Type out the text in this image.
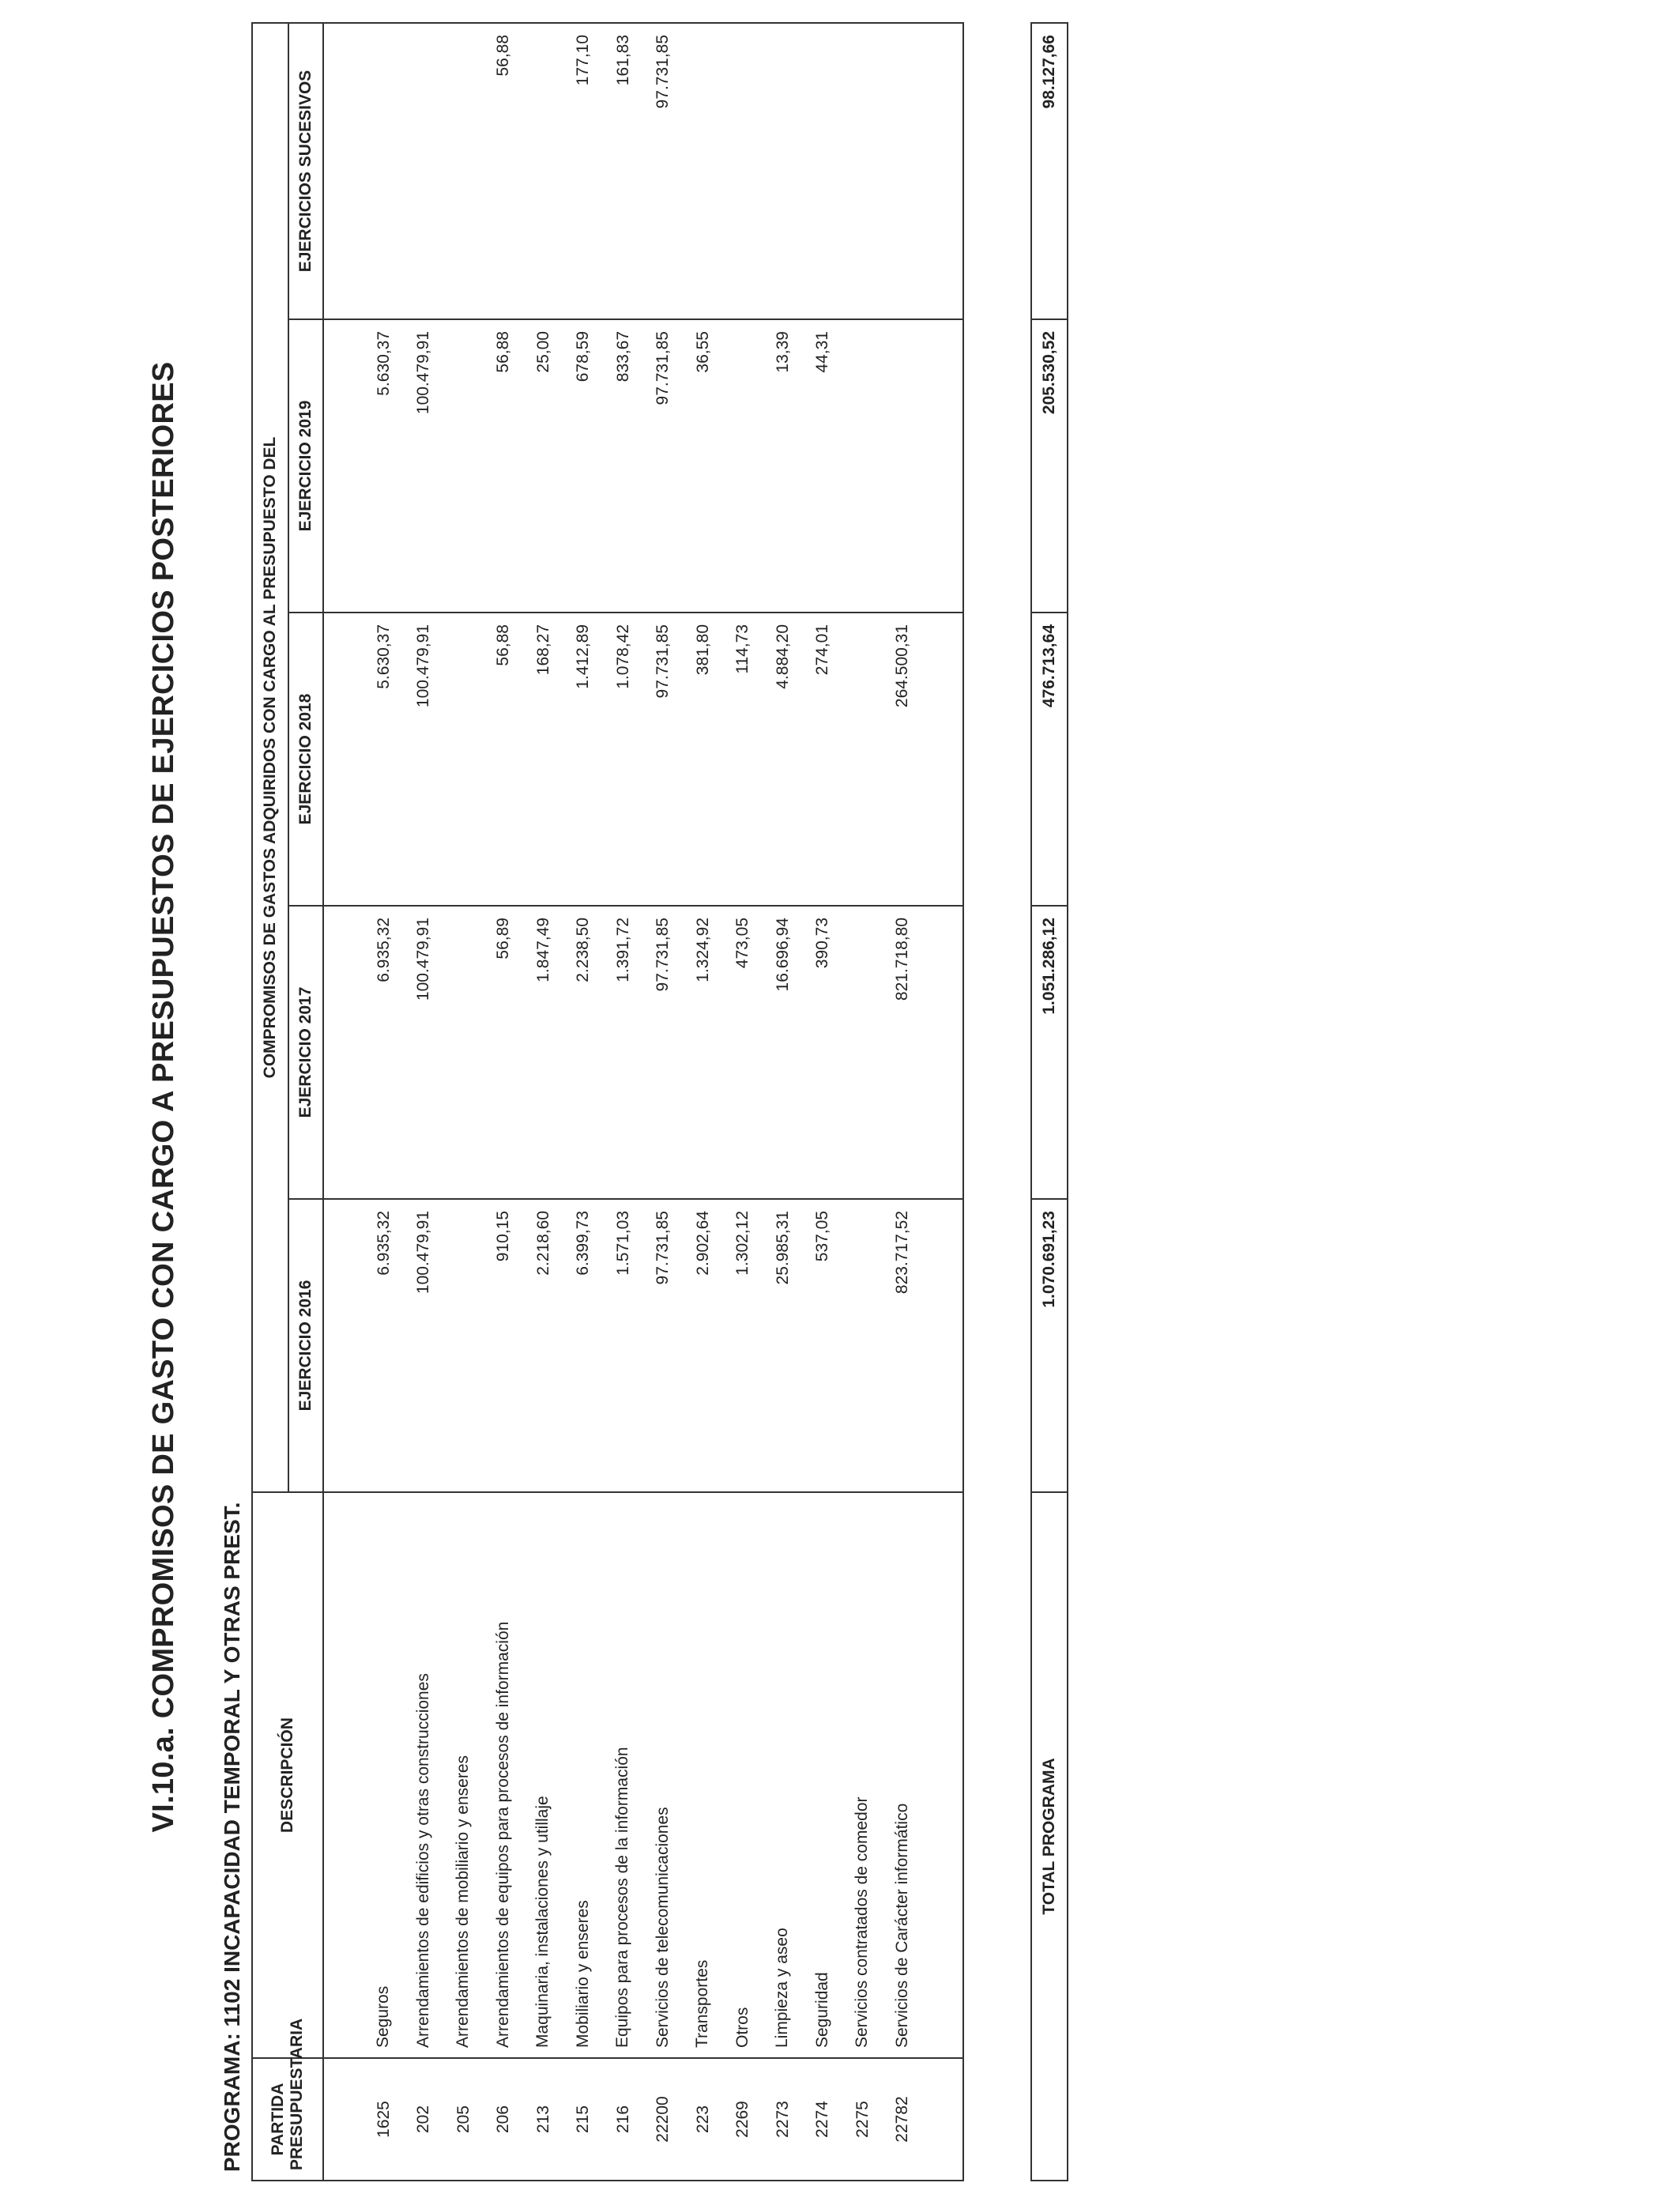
VI.10.a. COMPROMISOS DE GASTO CON CARGO A PRESUPUESTOS DE EJERCICIOS POSTERIORES
PROGRAMA: 1102 INCAPACIDAD TEMPORAL Y OTRAS PREST. PARTIDA
PRESUPUESTARIA	DESCRIPCIÓN	COMPROMISOS DE GASTOS ADQUIRIDOS CON CARGO AL PRESUPUESTO DEL				
		EJERCICIO 2016	EJERCICIO 2017	EJERCICIO 2018	EJERCICIO 2019	EJERCICIOS SUCESIVOS

1625	Seguros	6.935,32	6.935,32	5.630,37	5.630,37	
202	Arrendamientos de edificios y otras construcciones	100.479,91	100.479,91	100.479,91	100.479,91	
205	Arrendamientos de mobiliario y enseres					
206	Arrendamientos de equipos para procesos de información	910,15	56,89	56,88	56,88	56,88
213	Maquinaria, instalaciones y utillaje	2.218,60	1.847,49	168,27	25,00	
215	Mobiliario y enseres	6.399,73	2.238,50	1.412,89	678,59	177,10
216	Equipos para procesos de la información	1.571,03	1.391,72	1.078,42	833,67	161,83
22200	Servicios de telecomunicaciones	97.731,85	97.731,85	97.731,85	97.731,85	97.731,85
223	Transportes	2.902,64	1.324,92	381,80	36,55	
2269	Otros	1.302,12	473,05	114,73		
2273	Limpieza y aseo	25.985,31	16.696,94	4.884,20	13,39	
2274	Seguridad	537,05	390,73	274,01	44,31	
2275	Servicios contratados de comedor					
22782	Servicios de Carácter informático	823.717,52	821.718,80	264.500,31		

TOTAL PROGRAMA	1.070.691,23	1.051.286,12	476.713,64	205.530,52	98.127,66
